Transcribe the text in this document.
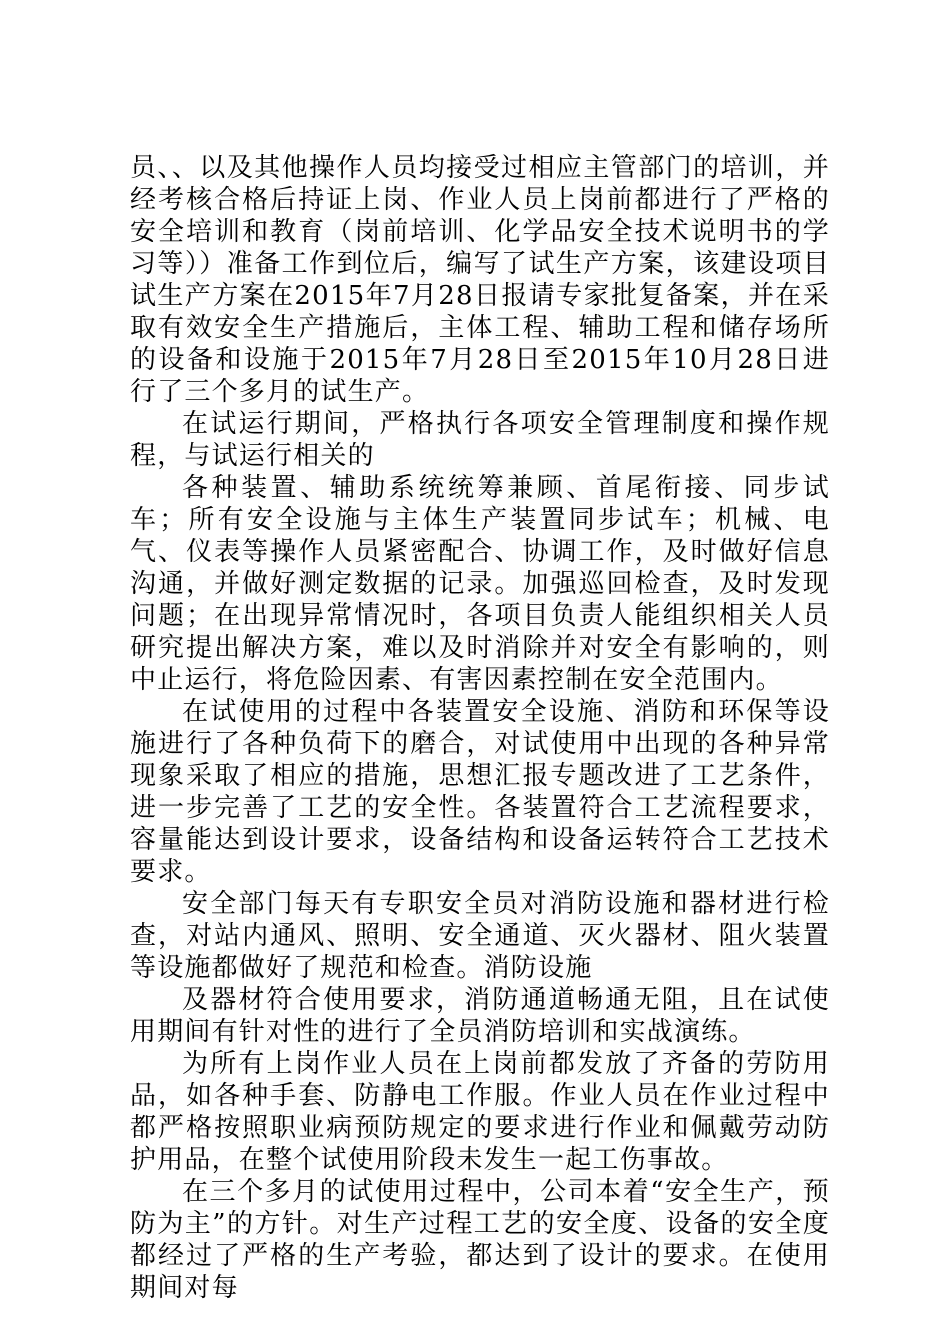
员、、以及其他操作人员均接受过相应主管部门的培训，并经考核合格后持证上岗、作业人员上岗前都进行了严格的安全培训和教育（岗前培训、化学品安全技术说明书的学习等））准备工作到位后，编写了试生产方案，该建设项目试生产方案在2015年7月28日报请专家批复备案，并在采取有效安全生产措施后，主体工程、辅助工程和储存场所的设备和设施于2015年7月28日至2015年10月28日进行了三个多月的试生产。

在试运行期间，严格执行各项安全管理制度和操作规程，与试运行相关的

各种装置、辅助系统统筹兼顾、首尾衔接、同步试车；所有安全设施与主体生产装置同步试车；机械、电气、仪表等操作人员紧密配合、协调工作，及时做好信息沟通，并做好测定数据的记录。加强巡回检查，及时发现问题；在出现异常情况时，各项目负责人能组织相关人员研究提出解决方案，难以及时消除并对安全有影响的，则中止运行，将危险因素、有害因素控制在安全范围内。

在试使用的过程中各装置安全设施、消防和环保等设施进行了各种负荷下的磨合，对试使用中出现的各种异常现象采取了相应的措施，思想汇报专题改进了工艺条件，进一步完善了工艺的安全性。各装置符合工艺流程要求，容量能达到设计要求，设备结构和设备运转符合工艺技术要求。

安全部门每天有专职安全员对消防设施和器材进行检查，对站内通风、照明、安全通道、灭火器材、阻火装置等设施都做好了规范和检查。消防设施

及器材符合使用要求，消防通道畅通无阻，且在试使用期间有针对性的进行了全员消防培训和实战演练。

为所有上岗作业人员在上岗前都发放了齐备的劳防用品，如各种手套、防静电工作服。作业人员在作业过程中都严格按照职业病预防规定的要求进行作业和佩戴劳动防护用品，在整个试使用阶段未发生一起工伤事故。

在三个多月的试使用过程中，公司本着“安全生产，预防为主”的方针。对生产过程工艺的安全度、设备的安全度都经过了严格的生产考验，都达到了设计的要求。在使用期间对每
